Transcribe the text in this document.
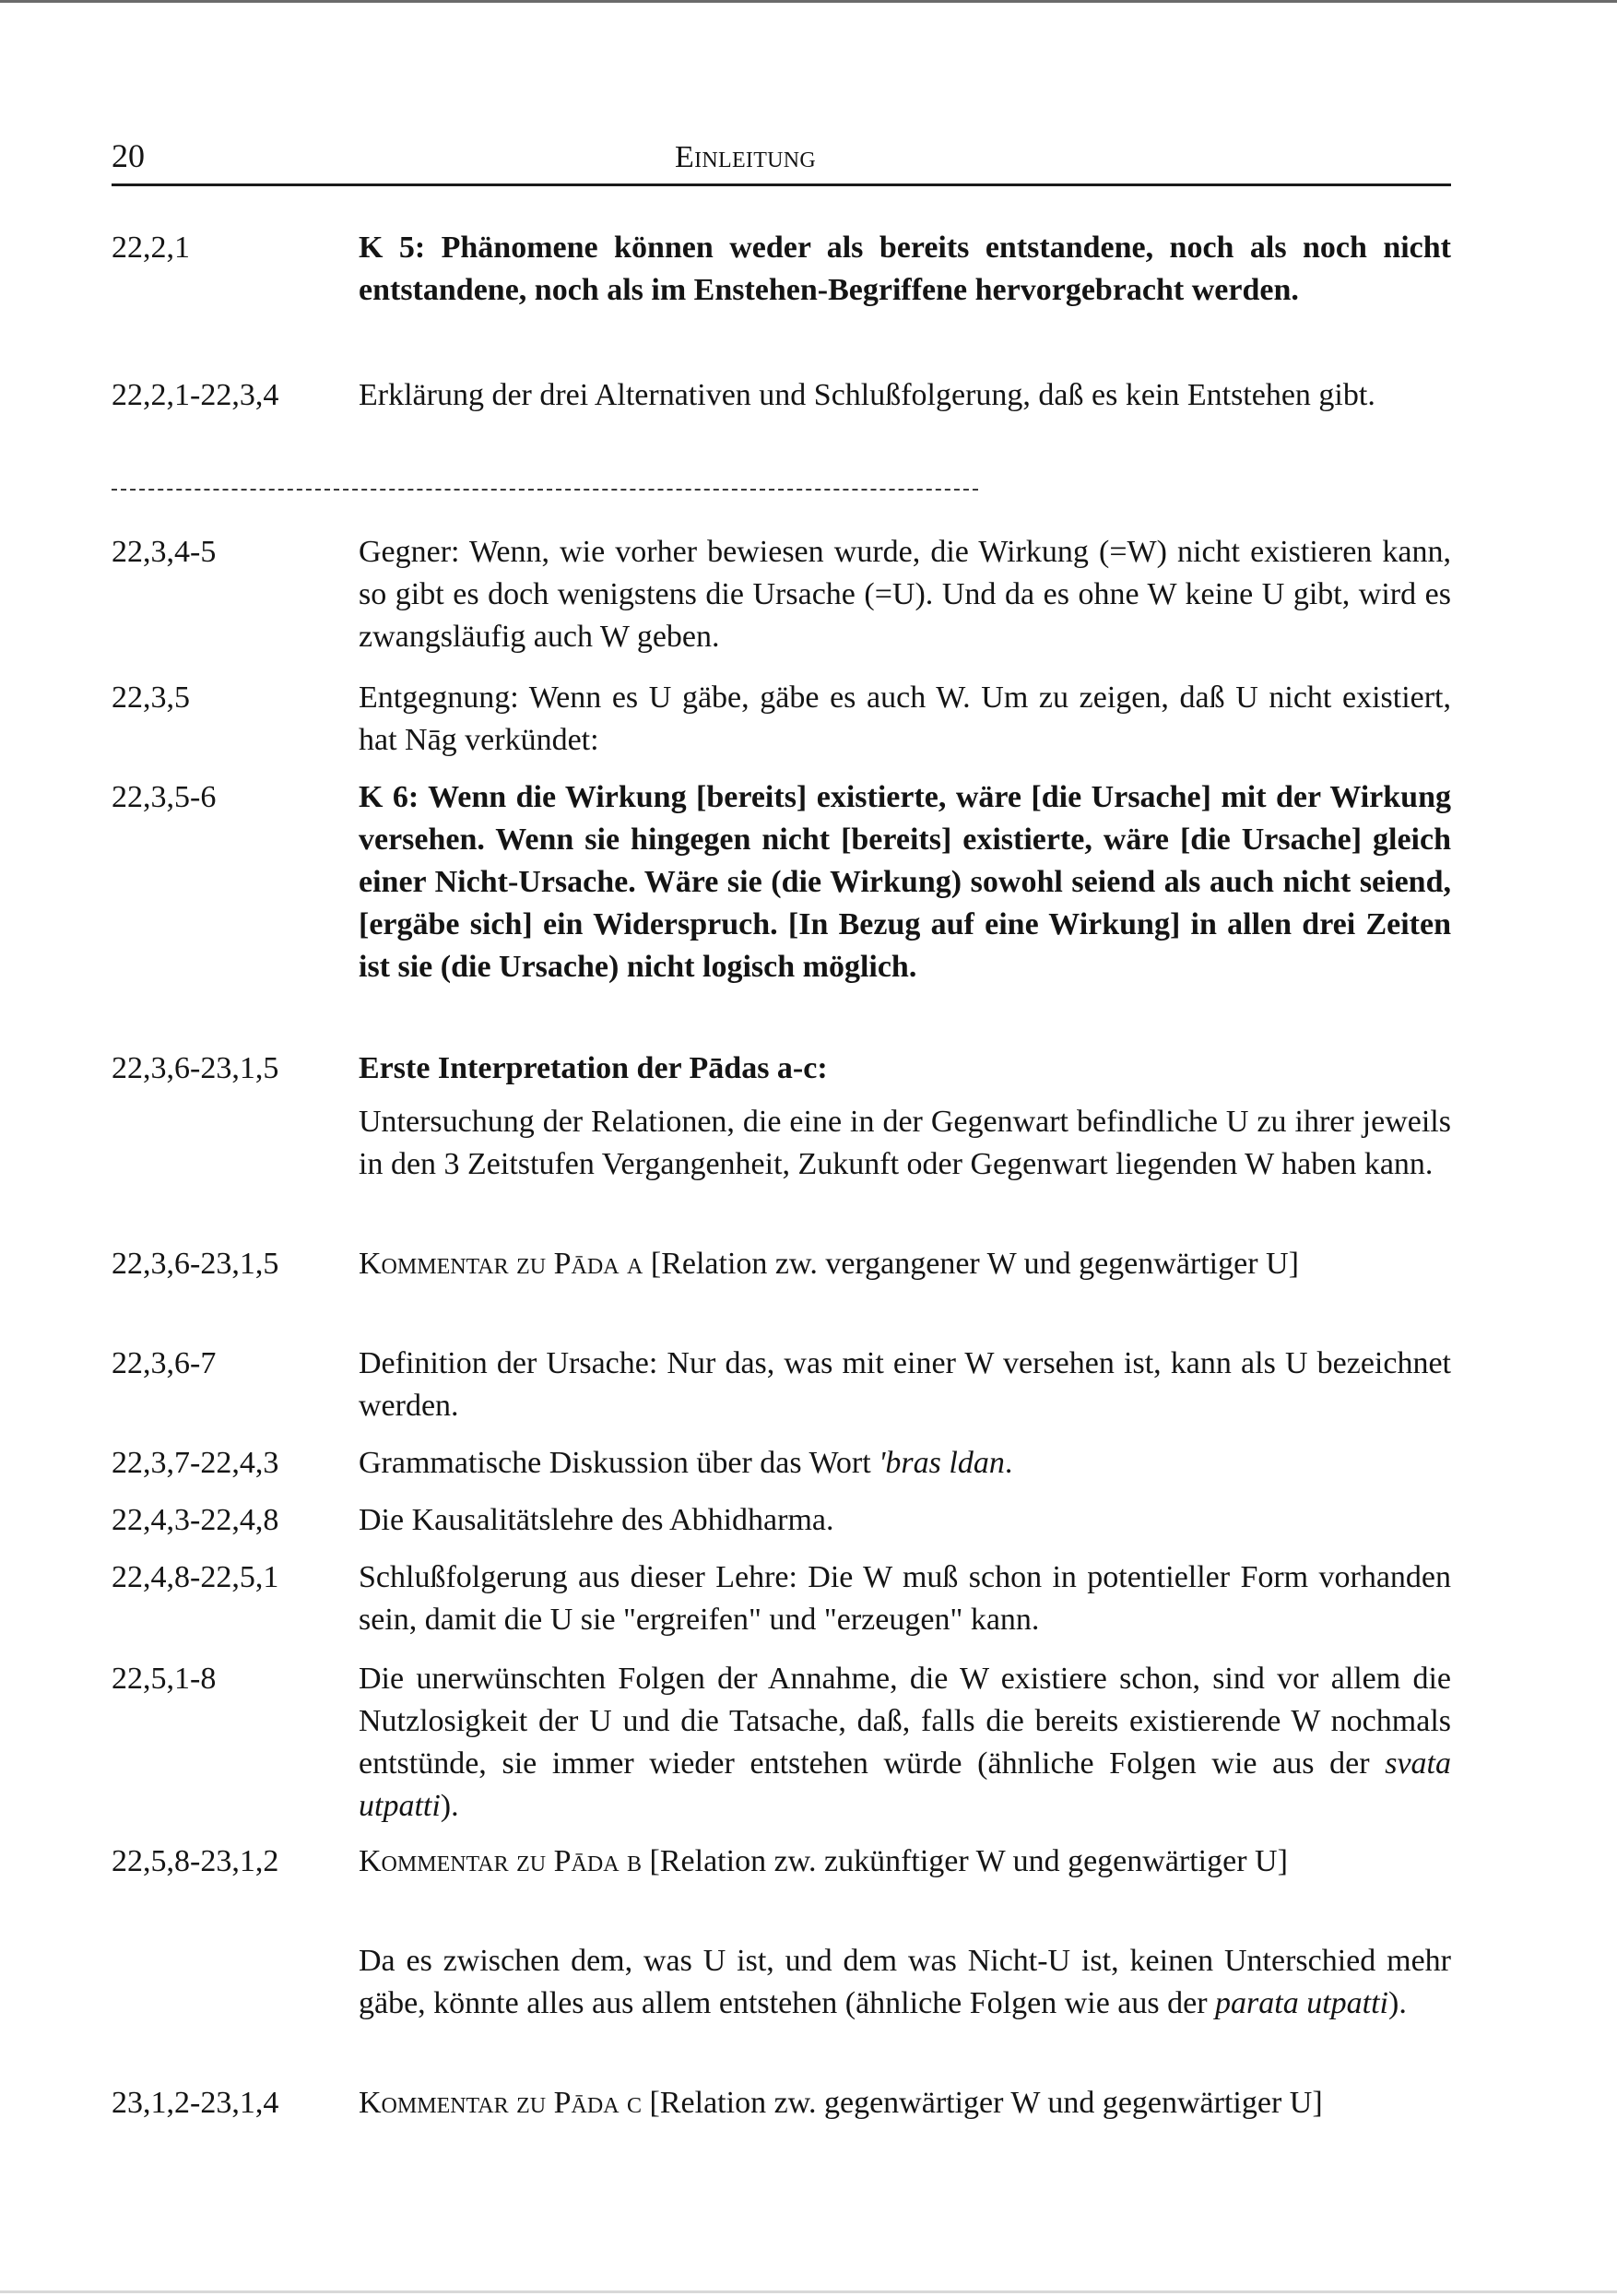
20	Einleitung
22,2,1	K 5: Phänomene können weder als bereits entstandene, noch als noch nicht entstandene, noch als im Enstehen-Begriffene hervorgebracht werden.
22,2,1-22,3,4	Erklärung der drei Alternativen und Schlußfolgerung, daß es kein Entstehen gibt.
22,3,4-5	Gegner: Wenn, wie vorher bewiesen wurde, die Wirkung (=W) nicht existieren kann, so gibt es doch wenigstens die Ursache (=U). Und da es ohne W keine U gibt, wird es zwangsläufig auch W geben.
22,3,5	Entgegnung: Wenn es U gäbe, gäbe es auch W. Um zu zeigen, daß U nicht existiert, hat Nāg verkündet:
22,3,5-6	K 6: Wenn die Wirkung [bereits] existierte, wäre [die Ursache] mit der Wirkung versehen. Wenn sie hingegen nicht [bereits] existierte, wäre [die Ursache] gleich einer Nicht-Ursache. Wäre sie (die Wirkung) sowohl seiend als auch nicht seiend, [ergäbe sich] ein Widerspruch. [In Bezug auf eine Wirkung] in allen drei Zeiten ist sie (die Ursache) nicht logisch möglich.
22,3,6-23,1,5	Erste Interpretation der Pādas a-c:
Untersuchung der Relationen, die eine in der Gegenwart befindliche U zu ihrer jeweils in den 3 Zeitstufen Vergangenheit, Zukunft oder Gegenwart liegenden W haben kann.
22,3,6-23,1,5	Kommentar zu Pāda a [Relation zw. vergangener W und gegenwärtiger U]
22,3,6-7	Definition der Ursache: Nur das, was mit einer W versehen ist, kann als U bezeichnet werden.
22,3,7-22,4,3	Grammatische Diskussion über das Wort 'bras ldan.
22,4,3-22,4,8	Die Kausalitätslehre des Abhidharma.
22,4,8-22,5,1	Schlußfolgerung aus dieser Lehre: Die W muß schon in potentieller Form vorhanden sein, damit die U sie "ergreifen" und "erzeugen" kann.
22,5,1-8	Die unerwünschten Folgen der Annahme, die W existiere schon, sind vor allem die Nutzlosigkeit der U und die Tatsache, daß, falls die bereits existierende W nochmals entstünde, sie immer wieder entstehen würde (ähnliche Folgen wie aus der svata utpatti).
22,5,8-23,1,2	Kommentar zu Pāda b [Relation zw. zukünftiger W und gegenwärtiger U]
Da es zwischen dem, was U ist, und dem was Nicht-U ist, keinen Unterschied mehr gäbe, könnte alles aus allem entstehen (ähnliche Folgen wie aus der parata utpatti).
23,1,2-23,1,4	Kommentar zu Pāda c [Relation zw. gegenwärtiger W und gegenwärtiger U]
